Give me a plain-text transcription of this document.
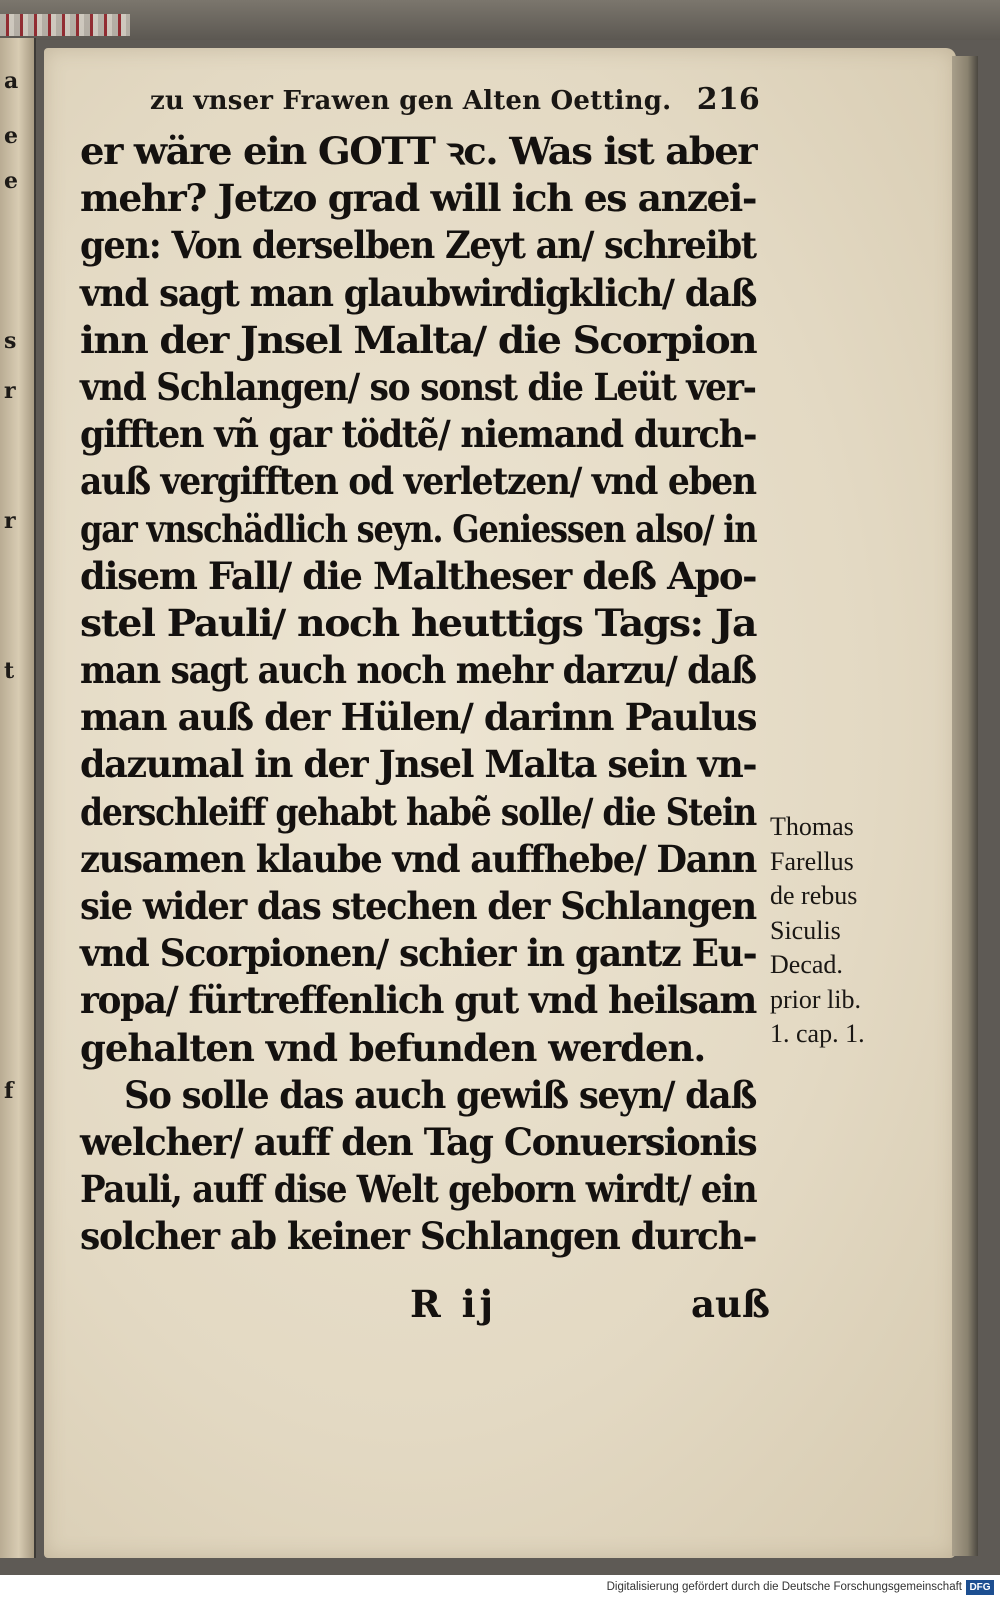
a
e
e
s
r
r
t
f
zu vnser Frawen gen Alten Oetting. 216
er wäre ein GOTT ꝛc. Was ist aber
mehr? Jetzo grad will ich es anzei-
gen: Von derselben Zeyt an/ schreibt
vnd sagt man glaubwirdigklich/ daß
inn der Jnsel Malta/ die Scorpion
vnd Schlangen/ so sonst die Leüt ver-
gifften vñ gar tödtẽ/ niemand durch-
auß vergifften od verletzen/ vnd eben
gar vnschädlich seyn. Geniessen also/ in
disem Fall/ die Maltheser deß Apo-
stel Pauli/ noch heuttigs Tags: Ja
man sagt auch noch mehr darzu/ daß
man auß der Hülen/ darinn Paulus
dazumal in der Jnsel Malta sein vn-
derschleiff gehabt habẽ solle/ die Stein
zusamen klaube vnd auffhebe/ Dann
sie wider das stechen der Schlangen
vnd Scorpionen/ schier in gantz Eu-
ropa/ fürtreffenlich gut vnd heilsam
gehalten vnd befunden werden.
So solle das auch gewiß seyn/ daß
welcher/ auff den Tag Conuersionis
Pauli, auff dise Welt geborn wirdt/ ein
solcher ab keiner Schlangen durch-
Thomas
Farellus
de rebus
Siculis
Decad.
prior lib.
1. cap. 1.
R ij	auß
Digitalisierung gefördert durch die Deutsche Forschungsgemeinschaft DFG
